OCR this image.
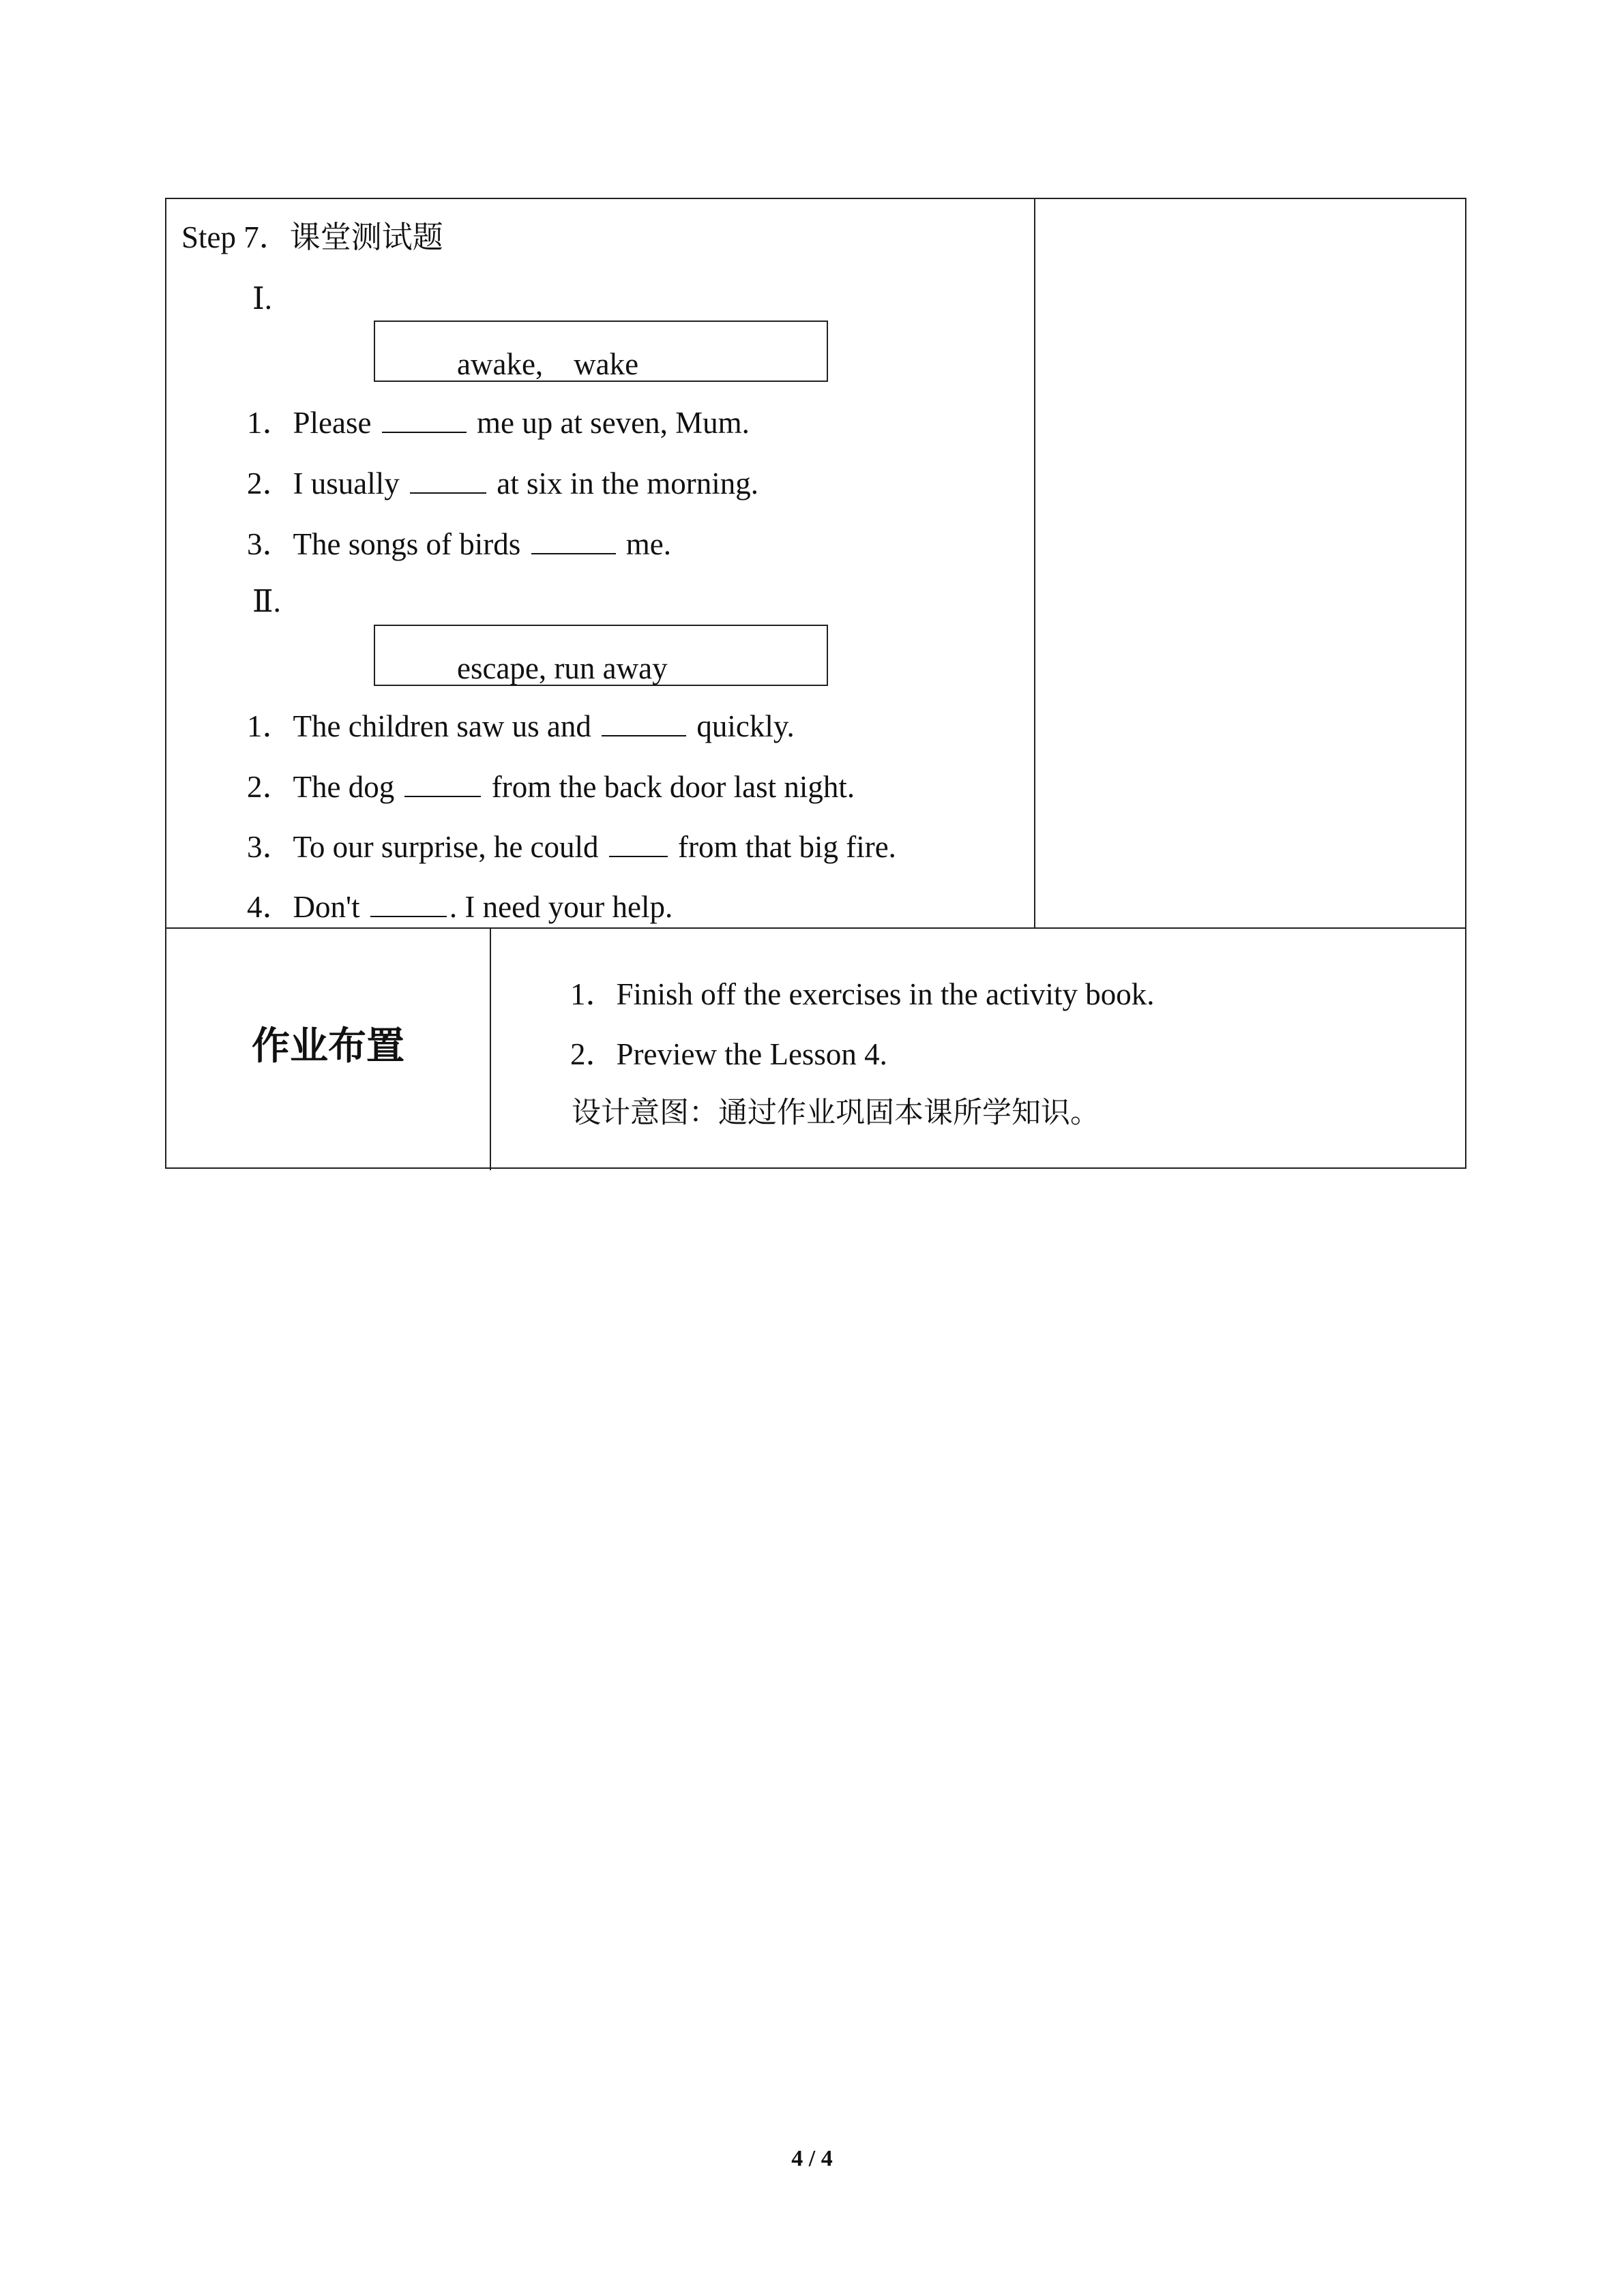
Step 7．课堂测试题
Ⅰ.
awake,    wake
1．Please	me up at seven, Mum.
2．I usually	at six in the morning.
3．The songs of birds	me.
Ⅱ.
escape, run away
1．The children saw us and	quickly.
2．The dog	from the back door last night.
3．To our surprise, he could  from that big fire.
4．Don't	. I need your help.
作业布置
1．Finish off the exercises in the activity book.
2．Preview the Lesson 4.
设计意图：通过作业巩固本课所学知识。
4 / 4
